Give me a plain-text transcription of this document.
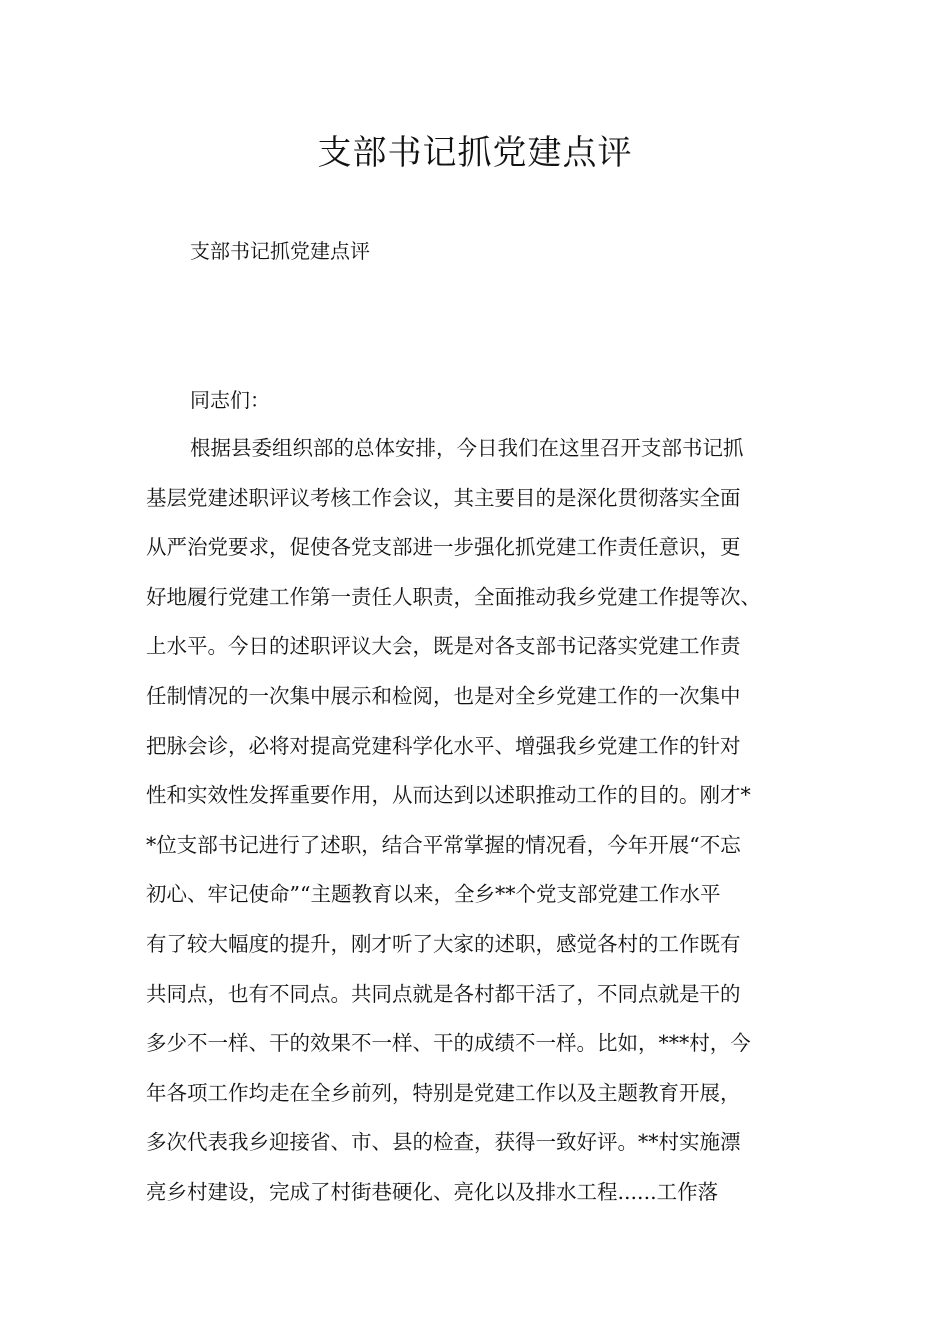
支部书记抓党建点评

支部书记抓党建点评

同志们：

根据县委组织部的总体安排，今日我们在这里召开支部书记抓
基层党建述职评议考核工作会议，其主要目的是深化贯彻落实全面
从严治党要求，促使各党支部进一步强化抓党建工作责任意识，更
好地履行党建工作第一责任人职责，全面推动我乡党建工作提等次、
上水平。今日的述职评议大会，既是对各支部书记落实党建工作责
任制情况的一次集中展示和检阅，也是对全乡党建工作的一次集中
把脉会诊，必将对提高党建科学化水平、增强我乡党建工作的针对
性和实效性发挥重要作用，从而达到以述职推动工作的目的。刚才*
*位支部书记进行了述职，结合平常掌握的情况看，今年开展“不忘
初心、牢记使命”“主题教育以来，全乡**个党支部党建工作水平
有了较大幅度的提升，刚才听了大家的述职，感觉各村的工作既有
共同点，也有不同点。共同点就是各村都干活了，不同点就是干的
多少不一样、干的效果不一样、干的成绩不一样。比如，***村，今
年各项工作均走在全乡前列，特别是党建工作以及主题教育开展，
多次代表我乡迎接省、市、县的检查，获得一致好评。**村实施漂
亮乡村建设，完成了村街巷硬化、亮化以及排水工程......工作落
